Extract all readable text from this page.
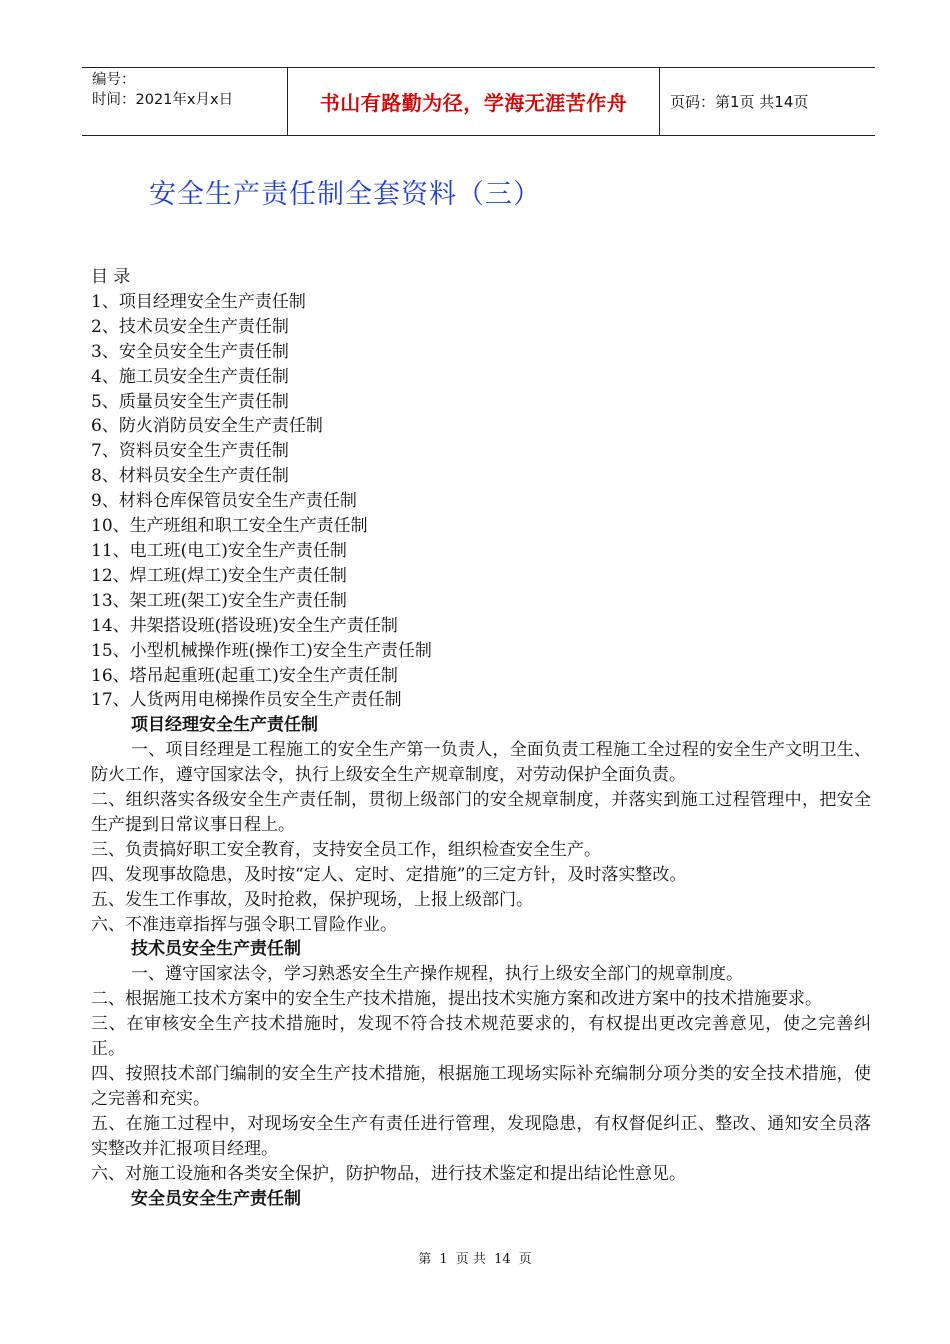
编号：
时间：2021年x月x日	书山有路勤为径，学海无涯苦作舟	页码：第1页 共14页
安全生产责任制全套资料（三）

目 录

1、项目经理安全生产责任制

2、技术员安全生产责任制

3、安全员安全生产责任制

4、施工员安全生产责任制

5、质量员安全生产责任制

6、防火消防员安全生产责任制

7、资料员安全生产责任制

8、材料员安全生产责任制

9、材料仓库保管员安全生产责任制

10、生产班组和职工安全生产责任制

11、电工班(电工)安全生产责任制

12、焊工班(焊工)安全生产责任制

13、架工班(架工)安全生产责任制

14、井架搭设班(搭设班)安全生产责任制

15、小型机械操作班(操作工)安全生产责任制

16、塔吊起重班(起重工)安全生产责任制

17、人货两用电梯操作员安全生产责任制

项目经理安全生产责任制

一、项目经理是工程施工的安全生产第一负责人，全面负责工程施工全过程的安全生产文明卫生、防火工作，遵守国家法令，执行上级安全生产规章制度，对劳动保护全面负责。

二、组织落实各级安全生产责任制，贯彻上级部门的安全规章制度，并落实到施工过程管理中，把安全生产提到日常议事日程上。

三、负责搞好职工安全教育，支持安全员工作，组织检查安全生产。

四、发现事故隐患，及时按“定人、定时、定措施”的三定方针，及时落实整改。

五、发生工作事故，及时抢救，保护现场，上报上级部门。

六、不准违章指挥与强令职工冒险作业。

技术员安全生产责任制

一、遵守国家法令，学习熟悉安全生产操作规程，执行上级安全部门的规章制度。

二、根据施工技术方案中的安全生产技术措施，提出技术实施方案和改进方案中的技术措施要求。

三、在审核安全生产技术措施时，发现不符合技术规范要求的，有权提出更改完善意见，使之完善纠正。

四、按照技术部门编制的安全生产技术措施，根据施工现场实际补充编制分项分类的安全技术措施，使之完善和充实。

五、在施工过程中，对现场安全生产有责任进行管理，发现隐患，有权督促纠正、整改、通知安全员落实整改并汇报项目经理。

六、对施工设施和各类安全保护，防护物品，进行技术鉴定和提出结论性意见。

安全员安全生产责任制

第 1 页 共 14 页
